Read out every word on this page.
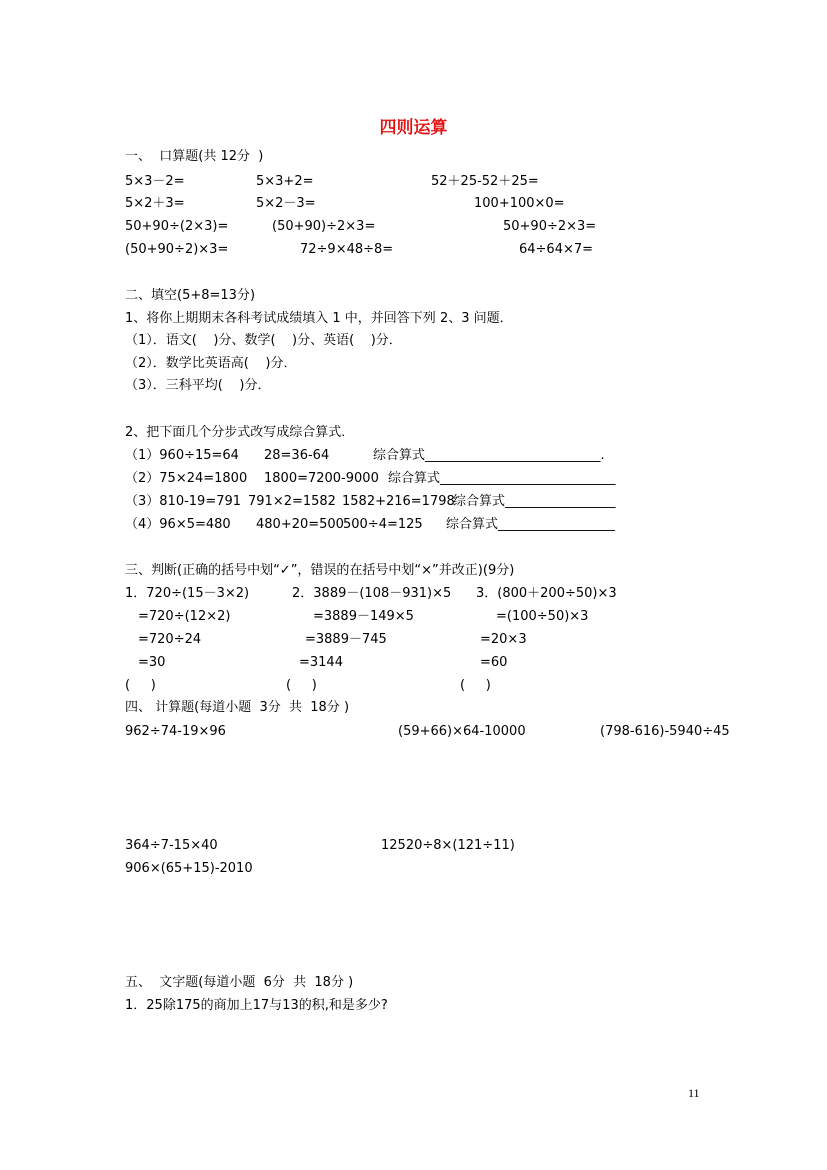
四则运算
一、  口算题(共 12分  )
5×3－2=	5×3+2=	52＋25-52＋25=
5×2＋3=	5×2－3=	100+100×0=
50+90÷(2×3)=	(50+90)÷2×3=	50+90÷2×3=
(50+90÷2)×3=	72÷9×48÷8=	64÷64×7=
二、填空(5+8=13分)
1、将你上期期末各科考试成绩填入 1 中，并回答下列 2、3 问题．
（1）．语文(    )分、数学(    )分、英语(    )分．
（2）．数学比英语高(    )分．
（3）．三科平均(    )分．
2、把下面几个分步式改写成综合算式．
（1）960÷15=64 28=36-64	综合算式___________________________.
（2）75×24=1800 1800=7200-9000 综合算式___________________________
（3）810-19=791 791×2=1582 1582+216=1798
综合算式_________________
（4）96×5=480 480+20=500 500÷4=125 综合算式__________________
三、判断(正确的括号中划“✓”，错误的在括号中划“×”并改正)(9分)
1．720÷(15－3×2)
=720÷(12×2)
=720÷24
=30
(     )
2．3889－(108－931)×5
=3889－149×5
=3889－745
=3144
(     )
3．(800＋200÷50)×3
=(100÷50)×3
=20×3
=60
(     )
四、 计算题(每道小题  3分  共  18分 )
962÷74-19×96	(59+66)×64-10000	(798-616)-5940÷45
364÷7-15×40	12520÷8×(121÷11)
906×(65+15)-2010
五、  文字题(每道小题  6分  共  18分 )
1．25除175的商加上17与13的积,和是多少?
11
